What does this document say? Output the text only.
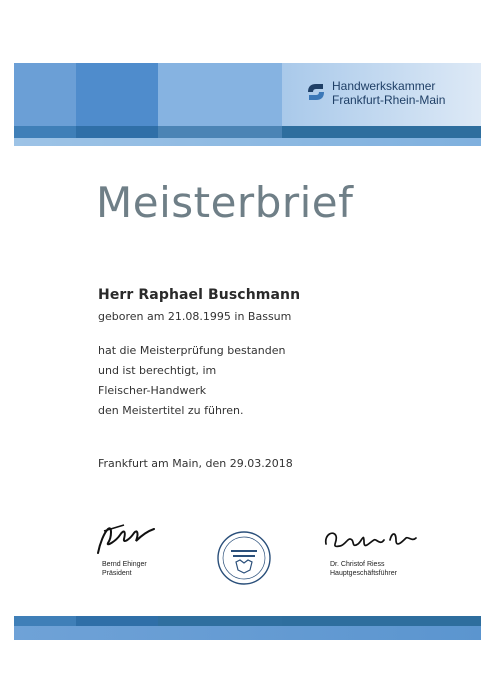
Handwerkskammer
Frankfurt-Rhein-Main
Meisterbrief
Herr Raphael Buschmann
geboren am 21.08.1995 in Bassum
hat die Meisterprüfung bestanden
und ist berechtigt, im
Fleischer-Handwerk
den Meistertitel zu führen.
Frankfurt am Main, den 29.03.2018
Bernd Ehinger
Präsident
Dr. Christof Riess
Hauptgeschäftsführer
